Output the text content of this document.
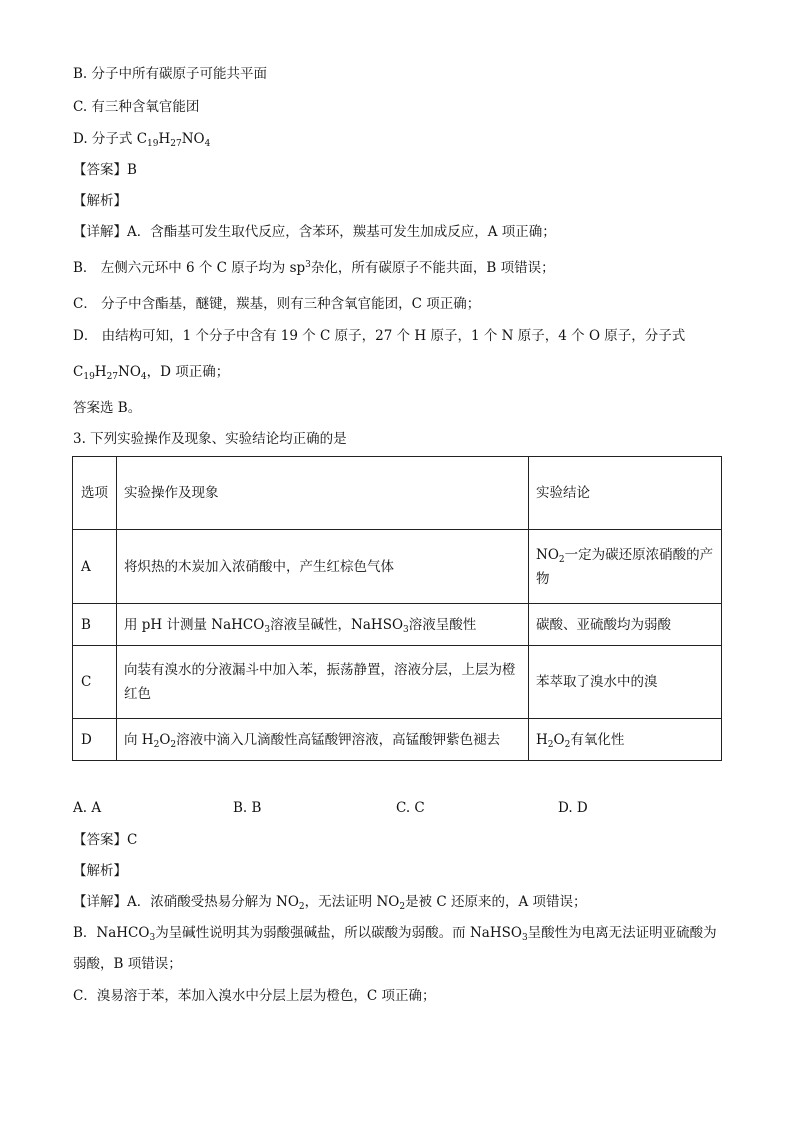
B. 分子中所有碳原子可能共平面
C. 有三种含氧官能团
D. 分子式 $C_{19}H_{27}NO_4$
【答案】B
【解析】
【详解】A．含酯基可发生取代反应，含苯环，羰基可发生加成反应，A 项正确；
B． 左侧六元环中 6 个 C 原子均为 $sp^3$杂化，所有碳原子不能共面，B 项错误；
C． 分子中含酯基，醚键，羰基，则有三种含氧官能团，C 项正确；
D． 由结构可知，1 个分子中含有 19 个 C 原子，27 个 H 原子，1 个 N 原子，4 个 O 原子，分子式
$C_{19}H_{27}NO_4$，D 项正确；
答案选 B。
3. 下列实验操作及现象、实验结论均正确的是
选项	实验操作及现象	实验结论
A	将炽热的木炭加入浓硝酸中，产生红棕色气体	$NO_2$一定为碳还原浓硝酸的产物
B	用 pH 计测量 NaHCO$_3$溶液呈碱性，NaHSO$_3$溶液呈酸性	碳酸、亚硫酸均为弱酸
C	向装有溴水的分液漏斗中加入苯，振荡静置，溶液分层，上层为橙红色	苯萃取了溴水中的溴
D	向 $H_2O_2$溶液中滴入几滴酸性高锰酸钾溶液，高锰酸钾紫色褪去	$H_2O_2$有氧化性
A. A	B. B	C. C	D. D
【答案】C
【解析】
【详解】A．浓硝酸受热易分解为 $NO_2$，无法证明 $NO_2$是被 C 还原来的，A 项错误；
B．NaHCO$_3$为呈碱性说明其为弱酸强碱盐，所以碳酸为弱酸。而 NaHSO$_3$呈酸性为电离无法证明亚硫酸为
弱酸，B 项错误；
C．溴易溶于苯，苯加入溴水中分层上层为橙色，C 项正确；
